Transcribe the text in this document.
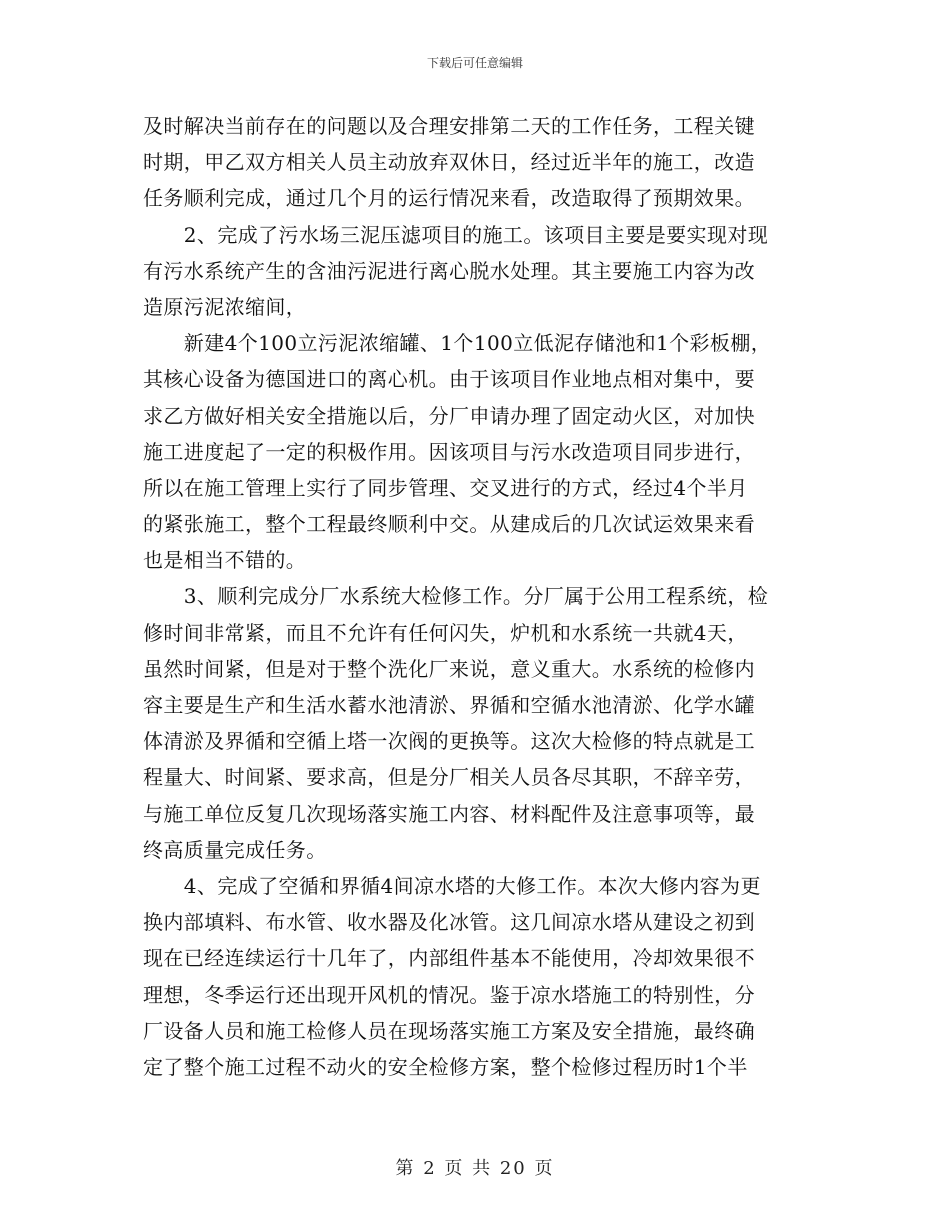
下载后可任意编辑
及时解决当前存在的问题以及合理安排第二天的工作任务，工程关键
时期，甲乙双方相关人员主动放弃双休日，经过近半年的施工，改造
任务顺利完成，通过几个月的运行情况来看，改造取得了预期效果。
　　2、完成了污水场三泥压滤项目的施工。该项目主要是要实现对现
有污水系统产生的含油污泥进行离心脱水处理。其主要施工内容为改
造原污泥浓缩间，
　　新建4个100立污泥浓缩罐、1个100立低泥存储池和1个彩板棚，
其核心设备为德国进口的离心机。由于该项目作业地点相对集中，要
求乙方做好相关安全措施以后，分厂申请办理了固定动火区，对加快
施工进度起了一定的积极作用。因该项目与污水改造项目同步进行，
所以在施工管理上实行了同步管理、交叉进行的方式，经过4个半月
的紧张施工，整个工程最终顺利中交。从建成后的几次试运效果来看
也是相当不错的。
　　3、顺利完成分厂水系统大检修工作。分厂属于公用工程系统，检
修时间非常紧，而且不允许有任何闪失，炉机和水系统一共就4天，
虽然时间紧，但是对于整个洗化厂来说，意义重大。水系统的检修内
容主要是生产和生活水蓄水池清淤、界循和空循水池清淤、化学水罐
体清淤及界循和空循上塔一次阀的更换等。这次大检修的特点就是工
程量大、时间紧、要求高，但是分厂相关人员各尽其职，不辞辛劳，
与施工单位反复几次现场落实施工内容、材料配件及注意事项等，最
终高质量完成任务。
　　4、完成了空循和界循4间凉水塔的大修工作。本次大修内容为更
换内部填料、布水管、收水器及化冰管。这几间凉水塔从建设之初到
现在已经连续运行十几年了，内部组件基本不能使用，冷却效果很不
理想，冬季运行还出现开风机的情况。鉴于凉水塔施工的特别性，分
厂设备人员和施工检修人员在现场落实施工方案及安全措施，最终确
定了整个施工过程不动火的安全检修方案，整个检修过程历时1个半
第 2 页 共 20 页
